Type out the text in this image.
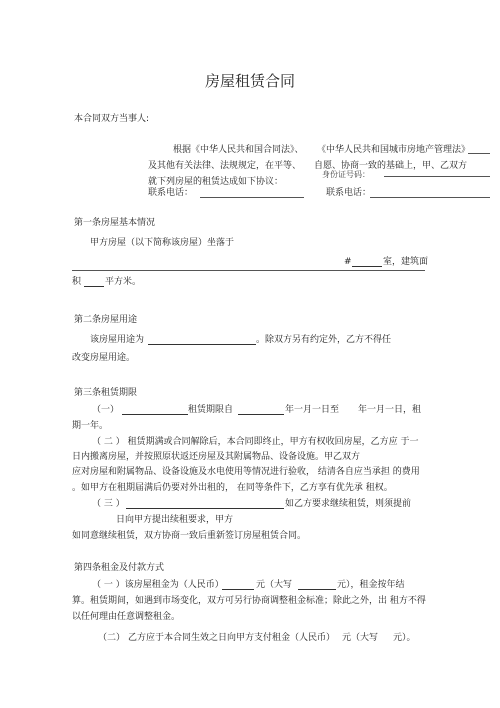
房屋租赁合同
本合同双方当事人:
根据《中华人民共和国合同法》、 《中华人民共和国城市房地产管理法》
及其他有关法律、法规规定，在平等、 自愿、协商一致的基础上，甲、乙双方
身份证号码：
就下列房屋的租赁达成如下协议：
联系电话：	联系电话：
第一条房屋基本情况
甲方房屋（以下简称该房屋）坐落于
#	室，建筑面
积	平方米。
第二条房屋用途
该房屋用途为	。除双方另有约定外，乙方不得任
改变房屋用途。
第三条租赁期限
（一）	租赁期限自	年一月一日至 年一月一日，租
期一年。
（ 二 ） 租赁期满或合同解除后，本合同即终止，甲方有权收回房屋，乙方应 于一
日内搬离房屋，并按照原状返还房屋及其附属物品、设备设施。甲乙双方
应对房屋和附属物品、设备设施及水电使用等情况进行验收， 结清各自应当承担 的费用
。如甲方在租期届满后仍要对外出租的， 在同等条件下，乙方享有优先承 租权。
（ 三 ）	如乙方要求继续租赁，则须提前
日向甲方提出续租要求，甲方
如同意继续租赁，双方协商一致后重新签订房屋租赁合同。
第四条租金及付款方式
（ 一 ）该房屋租金为（人民币）	元（大写	元），租金按年结
算。租赁期间，如遇到市场变化，双方可另行协商调整租金标准；除此之外，出 租方不得
以任何理由任意调整租金。
（二） 乙方应于本合同生效之日向甲方支付租金（人民币） 元（大写 元）。
